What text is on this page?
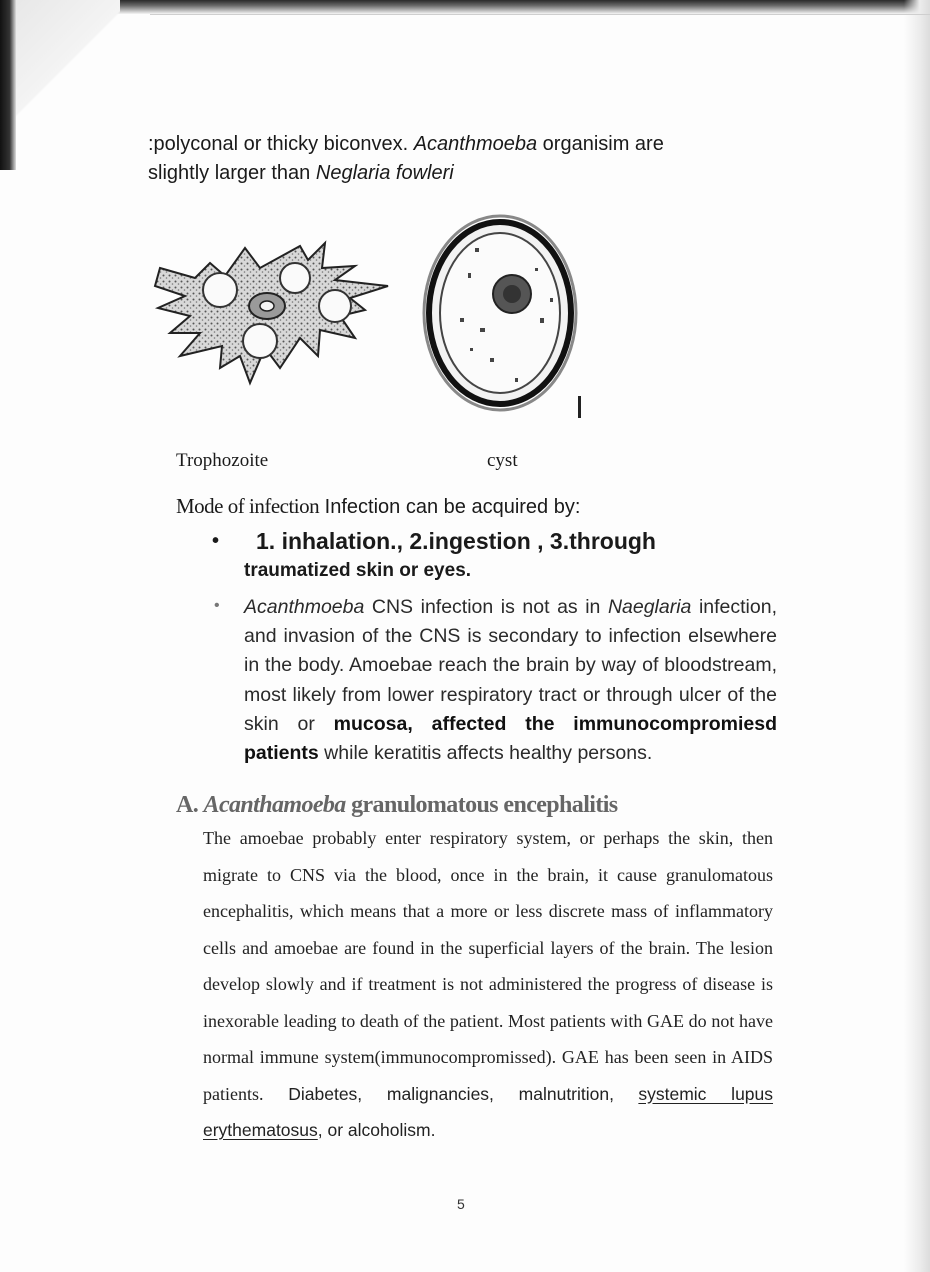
:polyconal or thicky biconvex. Acanthmoeba organisim are
slightly larger than Neglaria fowleri
Trophozoite	cyst
Mode of infection Infection can be acquired by:
•	1. inhalation., 2.ingestion , 3.through
traumatized skin or eyes.
• Acanthmoeba CNS infection is not as in Naeglaria infection, and invasion of the CNS is secondary to infection elsewhere in the body. Amoebae reach the brain by way of bloodstream, most likely from lower respiratory tract or through ulcer of the skin or mucosa, affected the immunocompromiesd patients while keratitis affects healthy persons.
A. Acanthamoeba granulomatous encephalitis
The amoebae probably enter respiratory system, or perhaps the skin, then migrate to CNS via the blood, once in the brain, it cause granulomatous encephalitis, which means that a more or less discrete mass of inflammatory cells and amoebae are found in the superficial layers of the brain. The lesion develop slowly and if treatment is not administered the progress of disease is inexorable leading to death of the patient. Most patients with GAE do not have normal immune system(immunocompromissed). GAE has been seen in AIDS patients. Diabetes, malignancies, malnutrition, systemic lupus erythematosus, or alcoholism.
5
